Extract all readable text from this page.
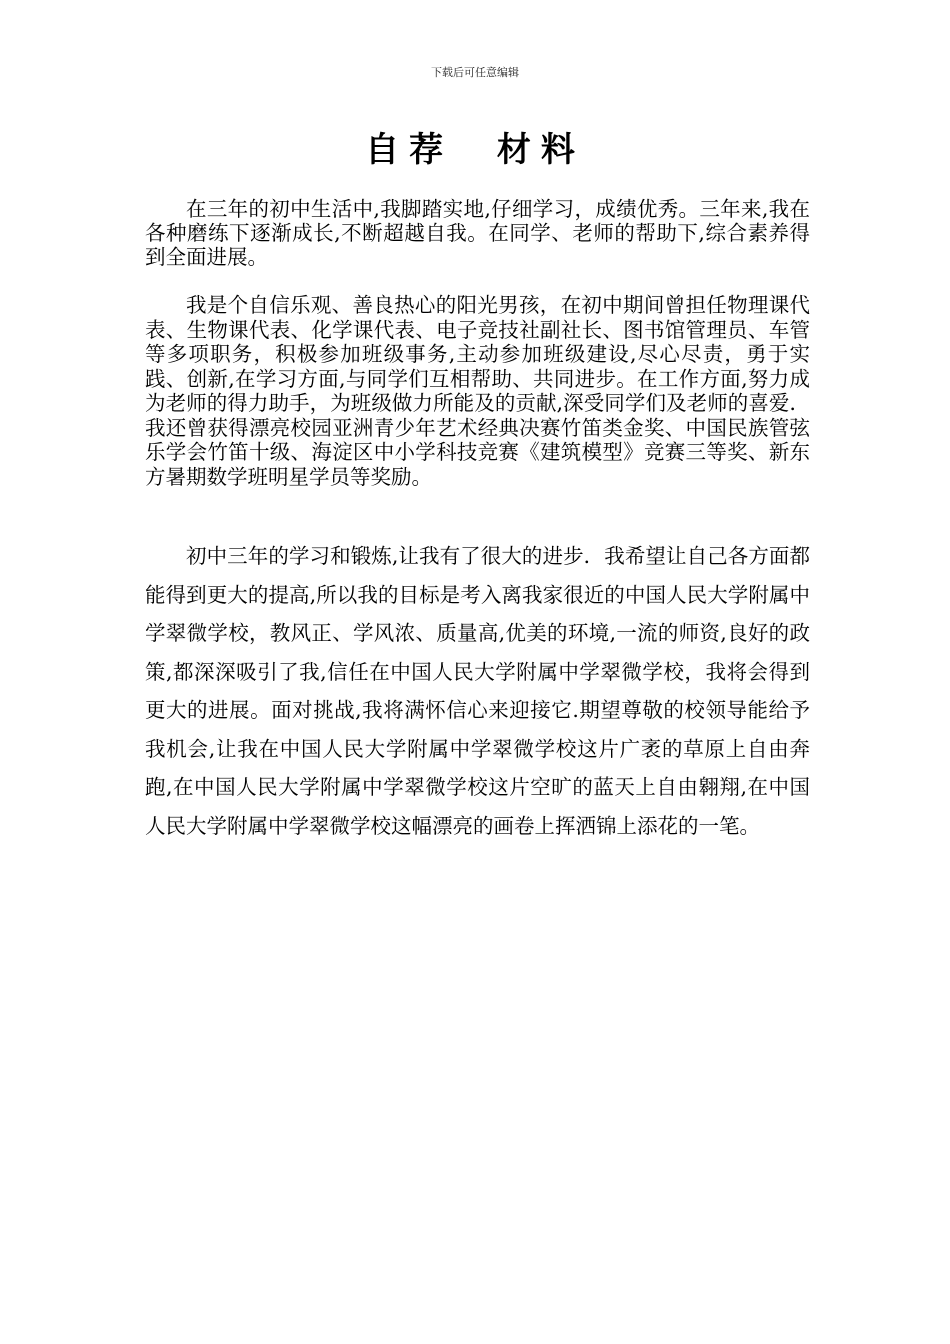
下载后可任意编辑
自荐  材料

在三年的初中生活中,我脚踏实地,仔细学习，成绩优秀。三年来,我在各种磨练下逐渐成长,不断超越自我。在同学、老师的帮助下,综合素养得到全面进展。

我是个自信乐观、善良热心的阳光男孩，在初中期间曾担任物理课代表、生物课代表、化学课代表、电子竞技社副社长、图书馆管理员、车管等多项职务，积极参加班级事务,主动参加班级建设,尽心尽责，勇于实践、创新,在学习方面,与同学们互相帮助、共同进步。在工作方面,努力成为老师的得力助手，为班级做力所能及的贡献,深受同学们及老师的喜爱．我还曾获得漂亮校园亚洲青少年艺术经典决赛竹笛类金奖、中国民族管弦乐学会竹笛十级、海淀区中小学科技竞赛《建筑模型》竞赛三等奖、新东方暑期数学班明星学员等奖励。

初中三年的学习和锻炼,让我有了很大的进步．我希望让自己各方面都能得到更大的提高,所以我的目标是考入离我家很近的中国人民大学附属中学翠微学校，教风正、学风浓、质量高,优美的环境,一流的师资,良好的政策,都深深吸引了我,信任在中国人民大学附属中学翠微学校，我将会得到更大的进展。面对挑战,我将满怀信心来迎接它.期望尊敬的校领导能给予我机会,让我在中国人民大学附属中学翠微学校这片广袤的草原上自由奔跑,在中国人民大学附属中学翠微学校这片空旷的蓝天上自由翱翔,在中国人民大学附属中学翠微学校这幅漂亮的画卷上挥洒锦上添花的一笔。
